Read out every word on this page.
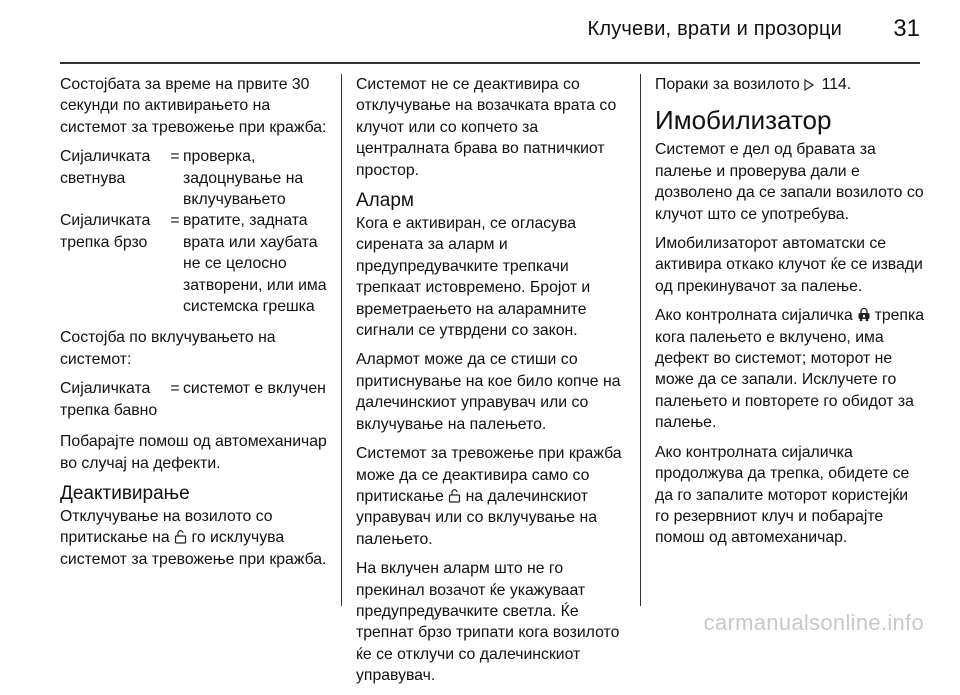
Клучеви, врати и прозорци 31

Состојбата за време на првите 30 секунди по активирањето на системот за тревожење при кражба:

Сијаличката светнува
= проверка, задоцнување на вклучувањето
Сијаличката трепка брзо
= вратите, задната врата или хаубата не се целосно затворени, или има системска грешка

Состојба по вклучувањето на системот:

Сијаличката трепка бавно
= системот е вклучен

Побарајте помош од автомеханичар во случај на дефекти.

Деактивирање

Отклучување на возилото со притискање на го исклучува системот за тревожење при кражба.

Системот не се деактивира со отклучување на возачката врата со клучот или со копчето за централната брава во патничкиот простор.

Аларм

Кога е активиран, се огласува сирената за аларм и предупредувачките трепкачи трепкаат истовремено. Бројот и времетраењето на аларамните сигнали се утврдени со закон.

Алармот може да се стиши со притиснување на кое било копче на далечинскиот управувач или со вклучување на палењето.

Системот за тревожење при кражба може да се деактивира само со притискање на далечинскиот управувач или со вклучување на палењето.

На вклучен аларм што не го прекинал возачот ќе укажуваат предупредувачките светла. Ќе трепнат брзо трипати кога возилото ќе се отклучи со далечинскиот управувач.

Пораки за возилото 114.

Имобилизатор

Системот е дел од бравата за палење и проверува дали е дозволено да се запали возилото со клучот што се употребува.

Имобилизаторот автоматски се активира откако клучот ќе се извади од прекинувачот за палење.

Ако контролната сијаличка трепка кога палењето е вклучено, има дефект во системот; моторот не може да се запали. Исклучете го палењето и повторете го обидот за палење.

Ако контролната сијаличка продолжува да трепка, обидете се да го запалите моторот користејќи го резервниот клуч и побарајте помош од автомеханичар.

carmanualsonline.info
